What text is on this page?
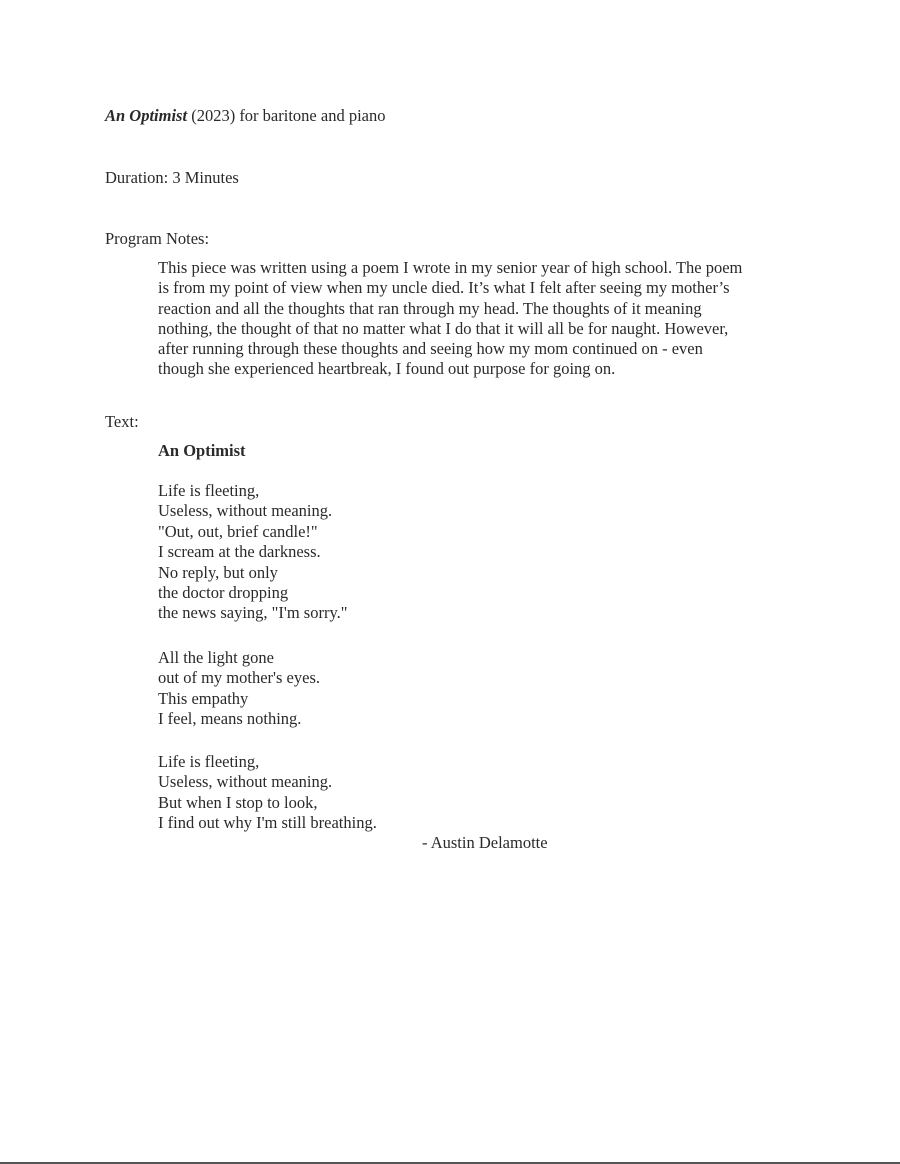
An Optimist (2023) for baritone and piano
Duration: 3 Minutes
Program Notes:
This piece was written using a poem I wrote in my senior year of high school. The poem
is from my point of view when my uncle died. It’s what I felt after seeing my mother’s
reaction and all the thoughts that ran through my head. The thoughts of it meaning
nothing, the thought of that no matter what I do that it will all be for naught. However,
after running through these thoughts and seeing how my mom continued on - even
though she experienced heartbreak, I found out purpose for going on.
Text:
An Optimist
Life is fleeting,
Useless, without meaning.
"Out, out, brief candle!"
I scream at the darkness.
No reply, but only
the doctor dropping
the news saying, "I'm sorry."
All the light gone
out of my mother's eyes.
This empathy
I feel, means nothing.
Life is fleeting,
Useless, without meaning.
But when I stop to look,
I find out why I'm still breathing.
- Austin Delamotte
